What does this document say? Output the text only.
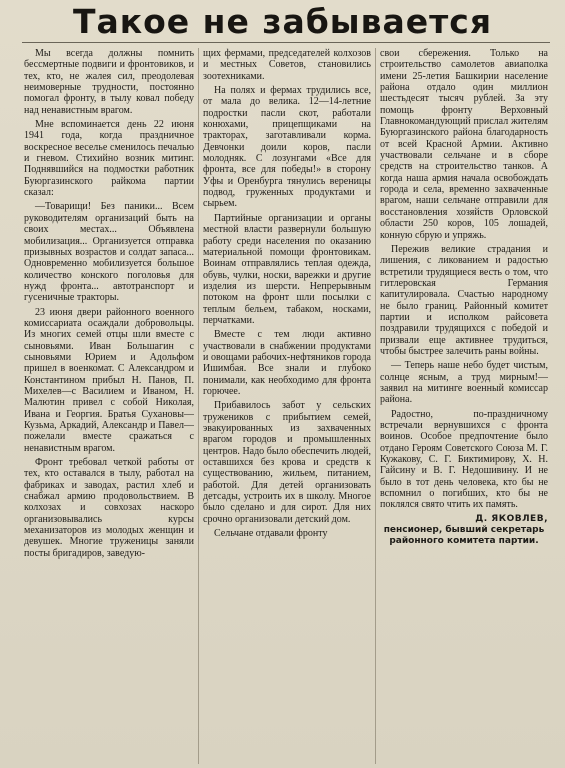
Такое не забывается

Мы всегда должны помнить бессмертные подвиги и фронтовиков, и тех, кто, не жалея сил, преодолевая неимоверные трудности, постоянно помогал фронту, в тылу ковал победу над ненавистным врагом.

Мне вспоминается день 22 июня 1941 года, когда праздничное воскресное веселье сменилось печалью и гневом. Стихийно возник митинг. Поднявшийся на подмостки работник Буюргазинского райкома партии сказал:

—Товарищи! Без паники... Всем руководителям организаций быть на своих местах... Объявлена мобилизация... Организуется отправка призывных возрастов и солдат запаса... Одновременно мобилизуется большое количество конского поголовья для нужд фронта... автотранспорт и гусеничные тракторы.

23 июня двери районного военного комиссариата осаждали добровольцы. Из многих семей отцы шли вместе с сыновьями. Иван Большагин с сыновьями Юрием и Адольфом пришел в военкомат. С Александром и Константином прибыл Н. Панов, П. Михелев—с Василием и Иваном, Н. Малютин привел с собой Николая, Ивана и Георгия. Братья Сухановы—Кузьма, Аркадий, Александр и Павел—пожелали вместе сражаться с ненавистным врагом.

Фронт требовал четкой работы от тех, кто оставался в тылу, работал на фабриках и заводах, растил хлеб и снабжал армию продовольствием. В колхозах и совхозах наскоро организовывались курсы механизаторов из молодых женщин и девушек. Многие труженицы заняли посты бригадиров, заведую-

щих фермами, председателей колхозов и местных Советов, становились зоотехниками.

На полях и фермах трудились все, от мала до велика. 12—14-летние подростки пасли скот, работали конюхами, прицепщиками на тракторах, заготавливали корма. Девчонки доили коров, пасли молодняк. С лозунгами «Все для фронта, все для победы!» в сторону Уфы и Оренбурга тянулись вереницы подвод, груженных продуктами и сырьем.

Партийные организации и органы местной власти развернули большую работу среди населения по оказанию материальной помощи фронтовикам. Воинам отправлялись теплая одежда, обувь, чулки, носки, варежки и другие изделия из шерсти. Непрерывным потоком на фронт шли посылки с теплым бельем, табаком, носками, перчатками.

Вместе с тем люди активно участвовали в снабжении продуктами и овощами рабочих-нефтяников города Ишимбая. Все знали и глубоко понимали, как необходимо для фронта горючее.

Прибавилось забот у сельских тружеников с прибытием семей, эвакуированных из захваченных врагом городов и промышленных центров. Надо было обеспечить людей, оставшихся без крова и средств к существованию, жильем, питанием, работой. Для детей организовать детсады, устроить их в школу. Многое было сделано и для сирот. Для них срочно организовали детский дом.

Сельчане отдавали фронту

свои сбережения. Только на строительство самолетов авиаполка имени 25-летия Башкирии население района отдало один миллион шестьдесят тысяч рублей. За эту помощь фронту Верховный Главнокомандующий прислал жителям Буюргазинского района благодарность от всей Красной Армии. Активно участвовали сельчане и в сборе средств на строительство танков. А когда наша армия начала освобождать города и села, временно захваченные врагом, наши сельчане отправили для восстановления хозяйств Орловской области 250 коров, 105 лошадей, конную сбрую и упряжь.

Пережив великие страдания и лишения, с ликованием и радостью встретили трудящиеся весть о том, что гитлеровская Германия капитулировала. Счастью народному не было границ. Районный комитет партии и исполком райсовета поздравили трудящихся с победой и призвали еще активнее трудиться, чтобы быстрее залечить раны войны.

— Теперь наше небо будет чистым, солнце ясным, а труд мирным!—заявил на митинге военный комиссар района.

Радостно, по-праздничному встречали вернувшихся с фронта воинов. Особое предпочтение было отдано Героям Советского Союза М. Г. Кужакову, С. Г. Биктимирову, Х. Н. Гайсину и В. Г. Недошивину. И не было в тот день человека, кто бы не вспомнил о погибших, кто бы не поклялся свято чтить их память.

Д. ЯКОВЛЕВ,
пенсионер, бывший секретарь районного комитета партии.
